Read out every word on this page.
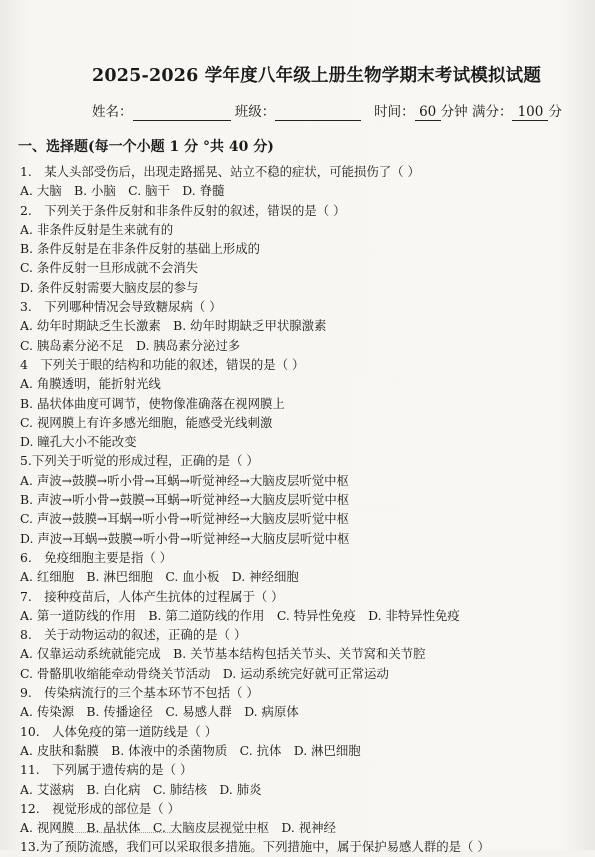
2025-2026 学年度八年级上册生物学期末考试模拟试题
姓名：	班级：	时间： 60 分钟 满分： 100 分
一、选择题(每一个小题 1 分 °共 40 分)
1.　某人头部受伤后，出现走路摇晃、站立不稳的症状，可能损伤了（ ）
A. 大脑　B. 小脑　C. 脑干　D. 脊髓
2.　下列关于条件反射和非条件反射的叙述，错误的是（ ）
A. 非条件反射是生来就有的
B. 条件反射是在非条件反射的基础上形成的
C. 条件反射一旦形成就不会消失
D. 条件反射需要大脑皮层的参与
3.　下列哪种情况会导致糖尿病（ ）
A. 幼年时期缺乏生长激素　B. 幼年时期缺乏甲状腺激素
C. 胰岛素分泌不足　D. 胰岛素分泌过多
4　下列关于眼的结构和功能的叙述，错误的是（ ）
A. 角膜透明，能折射光线
B. 晶状体曲度可调节，使物像准确落在视网膜上
C. 视网膜上有许多感光细胞，能感受光线刺激
D. 瞳孔大小不能改变
5.下列关于听觉的形成过程，正确的是（ ）
A. 声波→鼓膜→听小骨→耳蜗→听觉神经→大脑皮层听觉中枢
B. 声波→听小骨→鼓膜→耳蜗→听觉神经→大脑皮层听觉中枢
C. 声波→鼓膜→耳蜗→听小骨→听觉神经→大脑皮层听觉中枢
D. 声波→耳蜗→鼓膜→听小骨→听觉神经→大脑皮层听觉中枢
6.　免疫细胞主要是指（ ）
A. 红细胞　B. 淋巴细胞　C. 血小板　D. 神经细胞
7.　接种疫苗后，人体产生抗体的过程属于（ ）
A. 第一道防线的作用　B. 第二道防线的作用　C. 特异性免疫　D. 非特异性免疫
8.　关于动物运动的叙述，正确的是（ ）
A. 仅靠运动系统就能完成　B. 关节基本结构包括关节头、关节窝和关节腔
C. 骨骼肌收缩能牵动骨绕关节活动　D. 运动系统完好就可正常运动
9.　传染病流行的三个基本环节不包括（ ）
A. 传染源　B. 传播途径　C. 易感人群　D. 病原体
10.　人体免疫的第一道防线是（ ）
A. 皮肤和黏膜　B. 体液中的杀菌物质　C. 抗体　D. 淋巴细胞
11.　下列属于遗传病的是（ ）
A. 艾滋病　B. 白化病　C. 肺结核　D. 肺炎
12.　视觉形成的部位是（ ）
A. 视网膜　B. 晶状体　C. 大脑皮层视觉中枢　D. 视神经
13.为了预防流感，我们可以采取很多措施。下列措施中，属于保护易感人群的是（ ）
